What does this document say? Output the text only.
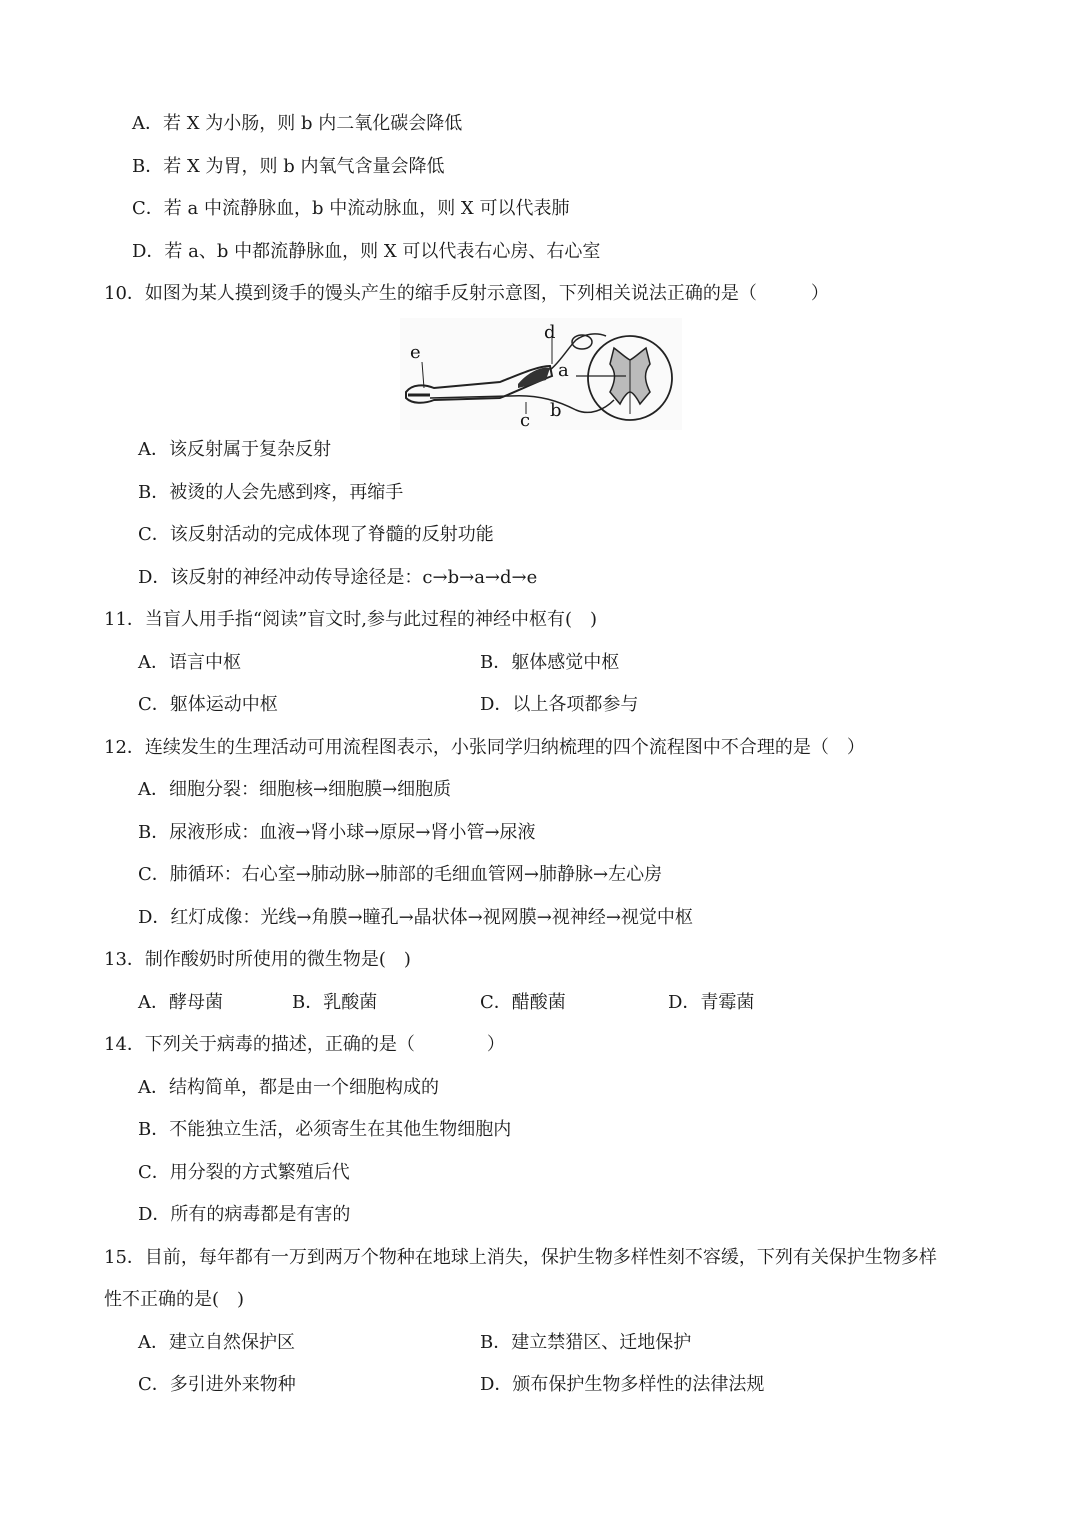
A．若 X 为小肠，则 b 内二氧化碳会降低
B．若 X 为胃，则 b 内氧气含量会降低
C．若 a 中流静脉血，b 中流动脉血，则 X 可以代表肺
D．若 a、b 中都流静脉血，则 X 可以代表右心房、右心室
10．如图为某人摸到烫手的馒头产生的缩手反射示意图，下列相关说法正确的是（　　　）
e
c b
d
a
A．该反射属于复杂反射
B．被烫的人会先感到疼，再缩手
C．该反射活动的完成体现了脊髓的反射功能
D．该反射的神经冲动传导途径是：c→b→a→d→e
11．当盲人用手指“阅读”盲文时,参与此过程的神经中枢有(　)
A．语言中枢	B．躯体感觉中枢
C．躯体运动中枢	D．以上各项都参与
12．连续发生的生理活动可用流程图表示，小张同学归纳梳理的四个流程图中不合理的是（　）
A．细胞分裂：细胞核→细胞膜→细胞质
B．尿液形成：血液→肾小球→原尿→肾小管→尿液
C．肺循环：右心室→肺动脉→肺部的毛细血管网→肺静脉→左心房
D．红灯成像：光线→角膜→瞳孔→晶状体→视网膜→视神经→视觉中枢
13．制作酸奶时所使用的微生物是(　)
A．酵母菌	B．乳酸菌	C．醋酸菌	D．青霉菌
14．下列关于病毒的描述，正确的是（　　　　）
A．结构简单，都是由一个细胞构成的
B．不能独立生活，必须寄生在其他生物细胞内
C．用分裂的方式繁殖后代
D．所有的病毒都是有害的
15．目前，每年都有一万到两万个物种在地球上消失，保护生物多样性刻不容缓，下列有关保护生物多样
性不正确的是(　)
A．建立自然保护区	B．建立禁猎区、迁地保护
C．多引进外来物种	D．颁布保护生物多样性的法律法规
